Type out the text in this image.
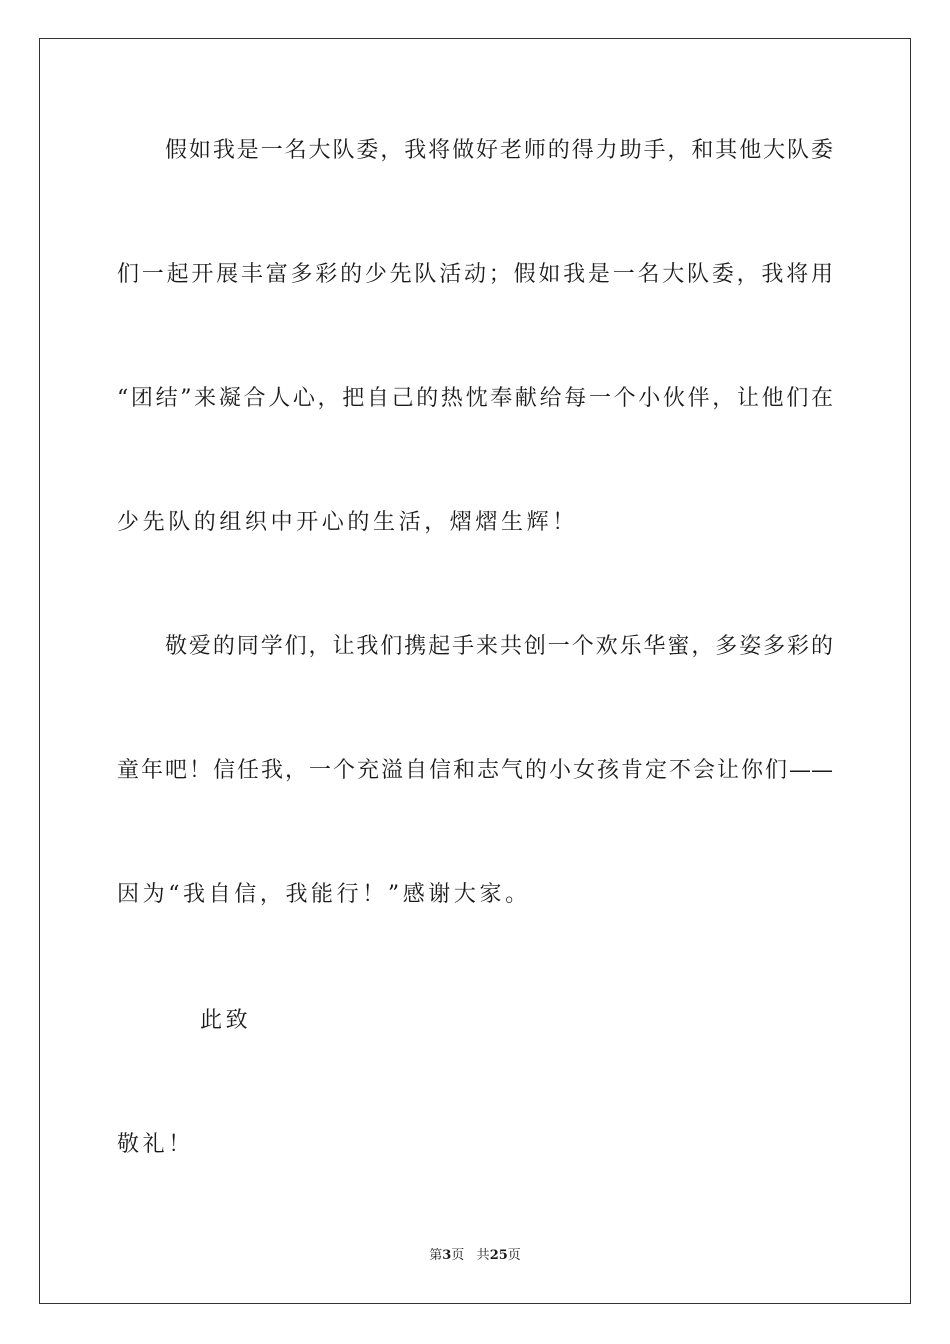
假如我是一名大队委，我将做好老师的得力助手，和其他大队委
们一起开展丰富多彩的少先队活动；假如我是一名大队委，我将用
“团结”来凝合人心，把自己的热忱奉献给每一个小伙伴，让他们在
少先队的组织中开心的生活，熠熠生辉！
敬爱的同学们，让我们携起手来共创一个欢乐华蜜，多姿多彩的
童年吧！信任我，一个充溢自信和志气的小女孩肯定不会让你们——
因为“我自信，我能行！”感谢大家。
此致
敬礼！
第3页 共25页
